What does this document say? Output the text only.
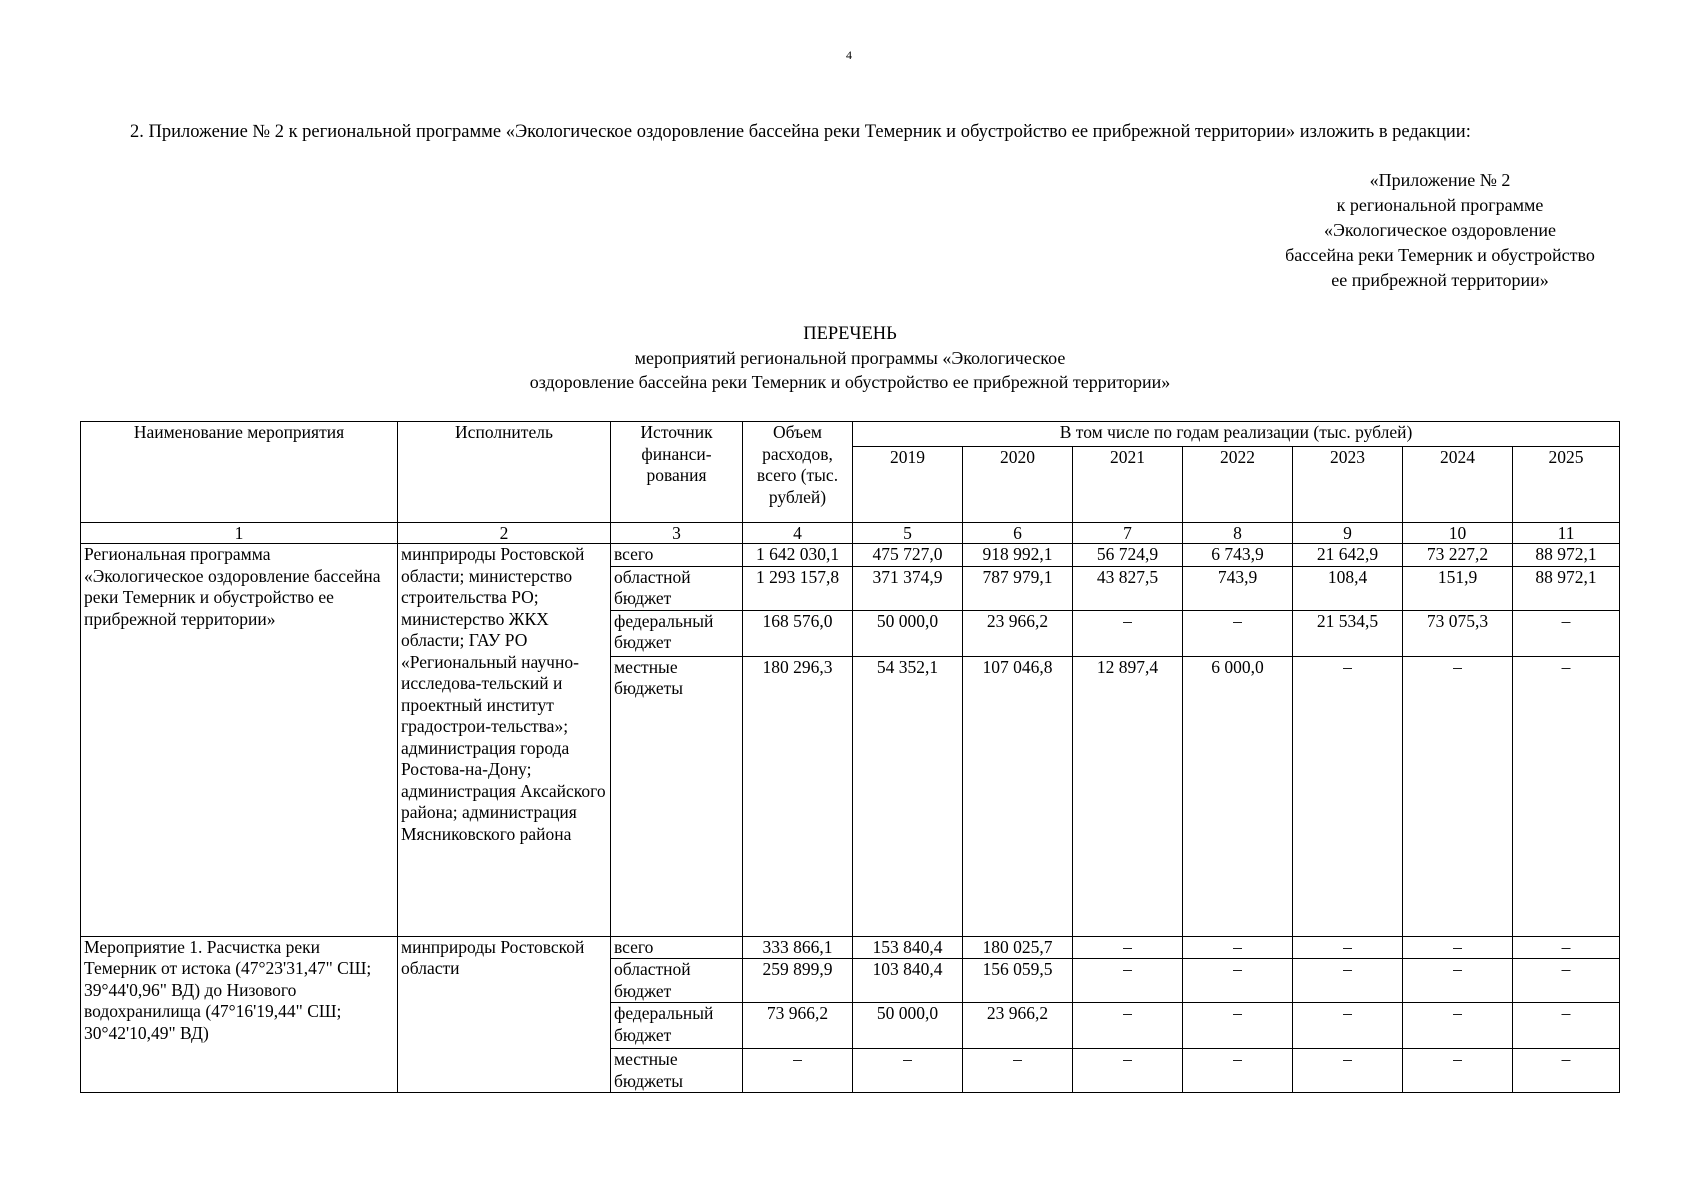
4
2. Приложение № 2 к региональной программе «Экологическое оздоровление бассейна реки Темерник и обустройство ее прибрежной территории» изложить в редакции:
«Приложение № 2
к региональной программе
«Экологическое оздоровление
бассейна реки Темерник и обустройство
ее прибрежной территории»
ПЕРЕЧЕНЬ
мероприятий региональной программы «Экологическое
оздоровление бассейна реки Темерник и обустройство ее прибрежной территории»
Наименование мероприятия	Исполнитель	Источник финанси-рования	Объем расходов, всего (тыс. рублей)	В том числе по годам реализации (тыс. рублей)						
				2019	2020	2021	2022	2023	2024	2025
1	2	3	4	5	6	7	8	9	10	11
Региональная программа «Экологическое оздоровление бассейна реки Темерник и обустройство ее прибрежной территории»	минприроды Ростовской области; министерство строительства РО; министерство ЖКХ области; ГАУ РО «Региональный научно-исследова-тельский и проектный институт градострои-тельства»; администрация города Ростова-на-Дону; администрация Аксайского района; администрация Мясниковского района	всего	1 642 030,1	475 727,0	918 992,1	56 724,9	6 743,9	21 642,9	73 227,2	88 972,1
		областной бюджет	1 293 157,8	371 374,9	787 979,1	43 827,5	743,9	108,4	151,9	88 972,1
		федеральный бюджет	168 576,0	50 000,0	23 966,2	–	–	21 534,5	73 075,3	–
		местные бюджеты	180 296,3	54 352,1	107 046,8	12 897,4	6 000,0	–	–	–
Мероприятие 1. Расчистка реки Темерник от истока (47°23'31,47" СШ; 39°44'0,96" ВД) до Низового водохранилища (47°16'19,44" СШ; 30°42'10,49" ВД)	минприроды Ростовской области	всего	333 866,1	153 840,4	180 025,7	–	–	–	–	–
		областной бюджет	259 899,9	103 840,4	156 059,5	–	–	–	–	–
		федеральный бюджет	73 966,2	50 000,0	23 966,2	–	–	–	–	–
		местные бюджеты	–	–	–	–	–	–	–	–
